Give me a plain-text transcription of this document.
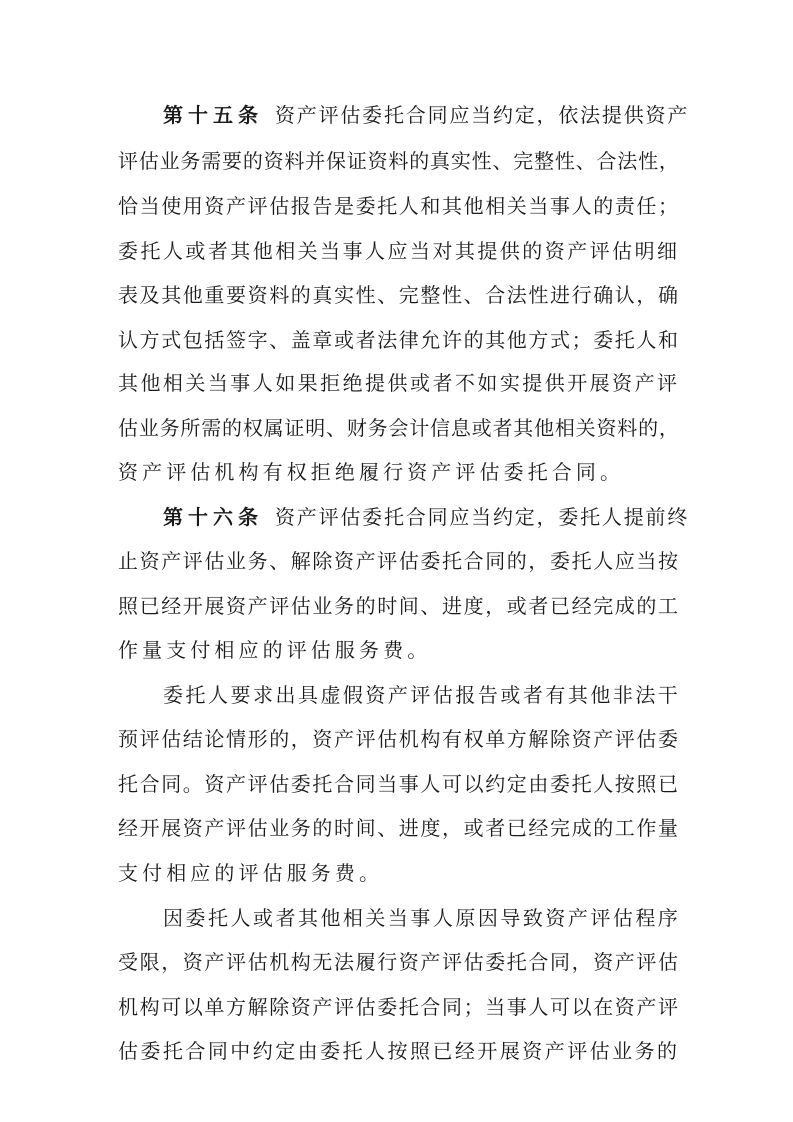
第十五条 资产评估委托合同应当约定，依法提供资产
评估业务需要的资料并保证资料的真实性、完整性、合法性，
恰当使用资产评估报告是委托人和其他相关当事人的责任；
委托人或者其他相关当事人应当对其提供的资产评估明细
表及其他重要资料的真实性、完整性、合法性进行确认，确
认方式包括签字、盖章或者法律允许的其他方式；委托人和
其他相关当事人如果拒绝提供或者不如实提供开展资产评
估业务所需的权属证明、财务会计信息或者其他相关资料的，
资产评估机构有权拒绝履行资产评估委托合同。
第十六条 资产评估委托合同应当约定，委托人提前终
止资产评估业务、解除资产评估委托合同的，委托人应当按
照已经开展资产评估业务的时间、进度，或者已经完成的工
作量支付相应的评估服务费。
委托人要求出具虚假资产评估报告或者有其他非法干
预评估结论情形的，资产评估机构有权单方解除资产评估委
托合同。资产评估委托合同当事人可以约定由委托人按照已
经开展资产评估业务的时间、进度，或者已经完成的工作量
支付相应的评估服务费。
因委托人或者其他相关当事人原因导致资产评估程序
受限，资产评估机构无法履行资产评估委托合同，资产评估
机构可以单方解除资产评估委托合同；当事人可以在资产评
估委托合同中约定由委托人按照已经开展资产评估业务的
